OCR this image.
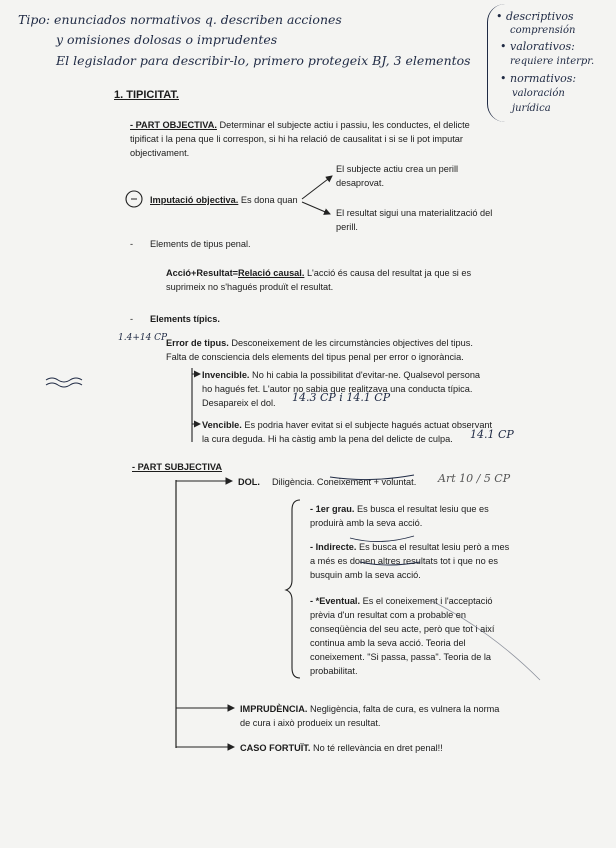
Tipo: enunciados normativos q. describen acciones
y omisiones dolosas o imprudentes
El legislador para describir-lo, primero protegeix BJ, 3 elementos
• descriptivos
comprensión
• valorativos:
requiere interpr.
• normativos:
valoración
jurídica
1. TIPICITAT.
- PART OBJECTIVA. Determinar el subjecte actiu i passiu, les conductes, el delicte
tipificat i la pena que li correspon, si hi ha relació de causalitat i si se li pot imputar
objectivament.
Imputació objectiva. Es dona quan
El subjecte actiu crea un perill
desaprovat.
El resultat sigui una materialització del
perill.
- Elements de tipus penal.
Acció+Resultat=Relació causal. L'acció és causa del resultat ja que si es
suprimeix no s'hagués produït el resultat.
- Elements típics.
1.4+14 CP
Error de tipus. Desconeixement de les circumstàncies objectives del tipus.
Falta de consciencia dels elements del tipus penal per error o ignorància.
Invencible. No hi cabia la possibilitat d'evitar-ne. Qualsevol persona
ho hagués fet. L'autor no sabia que realitzava una conducta típica.
Desapareix el dol. 14.3 CP i 14.1 CP
Vencible. Es podria haver evitat si el subjecte hagués actuat observant
la cura deguda. Hi ha càstig amb la pena del delicte de culpa. 14.1 CP
- PART SUBJECTIVA
DOL. Diligència. Coneixement + voluntat. Art 10 / 5 CP
- 1er grau. Es busca el resultat lesiu que es
produirà amb la seva acció.
- Indirecte. Es busca el resultat lesiu però a mes
a més es donen altres resultats tot i que no es
busquin amb la seva acció.
- *Eventual. Es el coneixement i l'acceptació
prèvia d'un resultat com a probable en
conseqüència del seu acte, però que tot i així
continua amb la seva acció. Teoria del
coneixement. "Si passa, passa". Teoria de la
probabilitat.
IMPRUDÈNCIA. Negligència, falta de cura, es vulnera la norma
de cura i això produeix un resultat.
CASO FORTUÏT. No té rellevància en dret penal!!
